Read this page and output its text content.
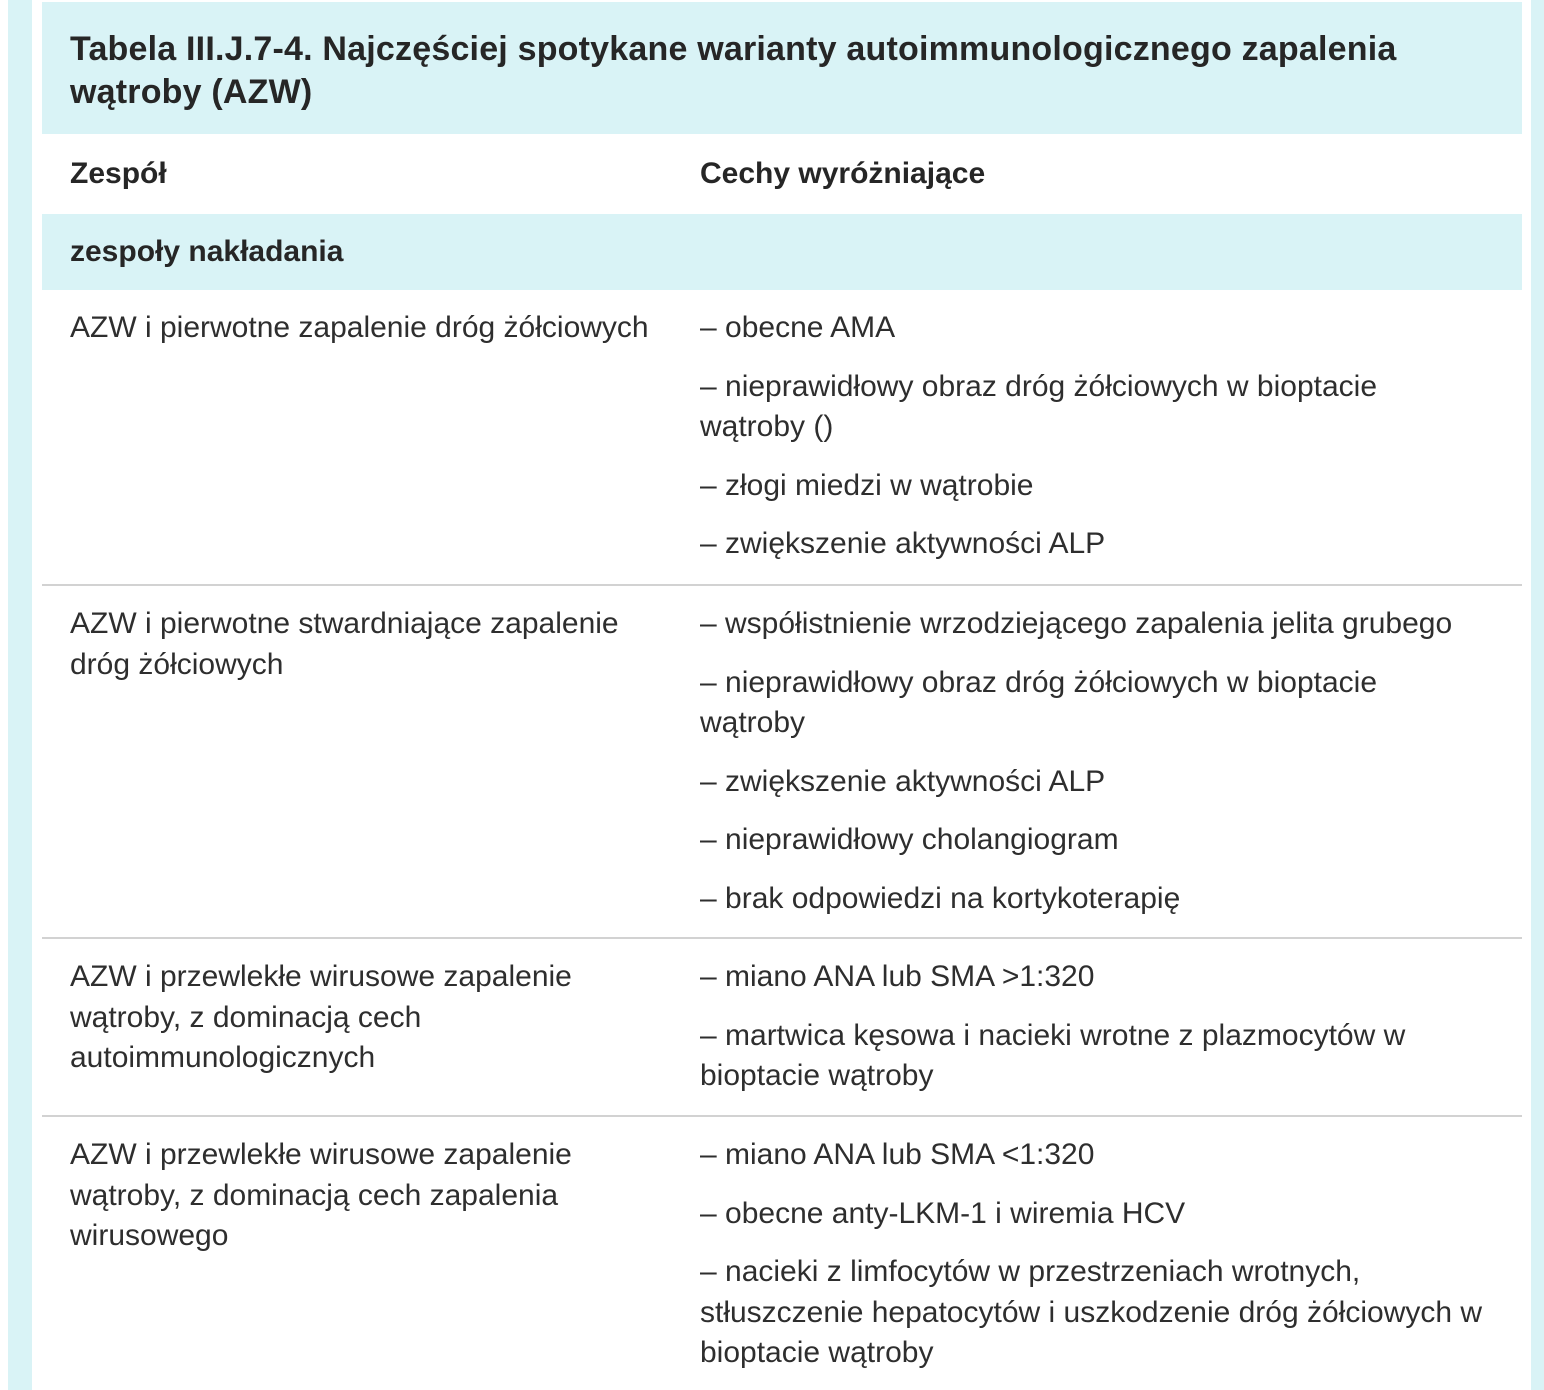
Tabela III.J.7-4. Najczęściej spotykane warianty autoimmunologicznego zapalenia wątroby (AZW)
Zespół	Cechy wyróżniające
zespoły nakładania

AZW i pierwotne zapalenie dróg żółciowych	– obecne AMA

– nieprawidłowy obraz dróg żółciowych w bioptacie wątroby ()

– złogi miedzi w wątrobie

– zwiększenie aktywności ALP

AZW i pierwotne stwardniające zapalenie dróg żółciowych

– współistnienie wrzodziejącego zapalenia jelita grubego

– nieprawidłowy obraz dróg żółciowych w bioptacie wątroby

– zwiększenie aktywności ALP

– nieprawidłowy cholangiogram

– brak odpowiedzi na kortykoterapię

AZW i przewlekłe wirusowe zapalenie wątroby, z dominacją cech autoimmunologicznych

– miano ANA lub SMA >1:320

– martwica kęsowa i nacieki wrotne z plazmocytów w bioptacie wątroby

AZW i przewlekłe wirusowe zapalenie wątroby, z dominacją cech zapalenia wirusowego

– miano ANA lub SMA <1:320

– obecne anty-LKM-1 i wiremia HCV

– nacieki z limfocytów w przestrzeniach wrotnych, stłuszczenie hepatocytów i uszkodzenie dróg żółciowych w bioptacie wątroby
